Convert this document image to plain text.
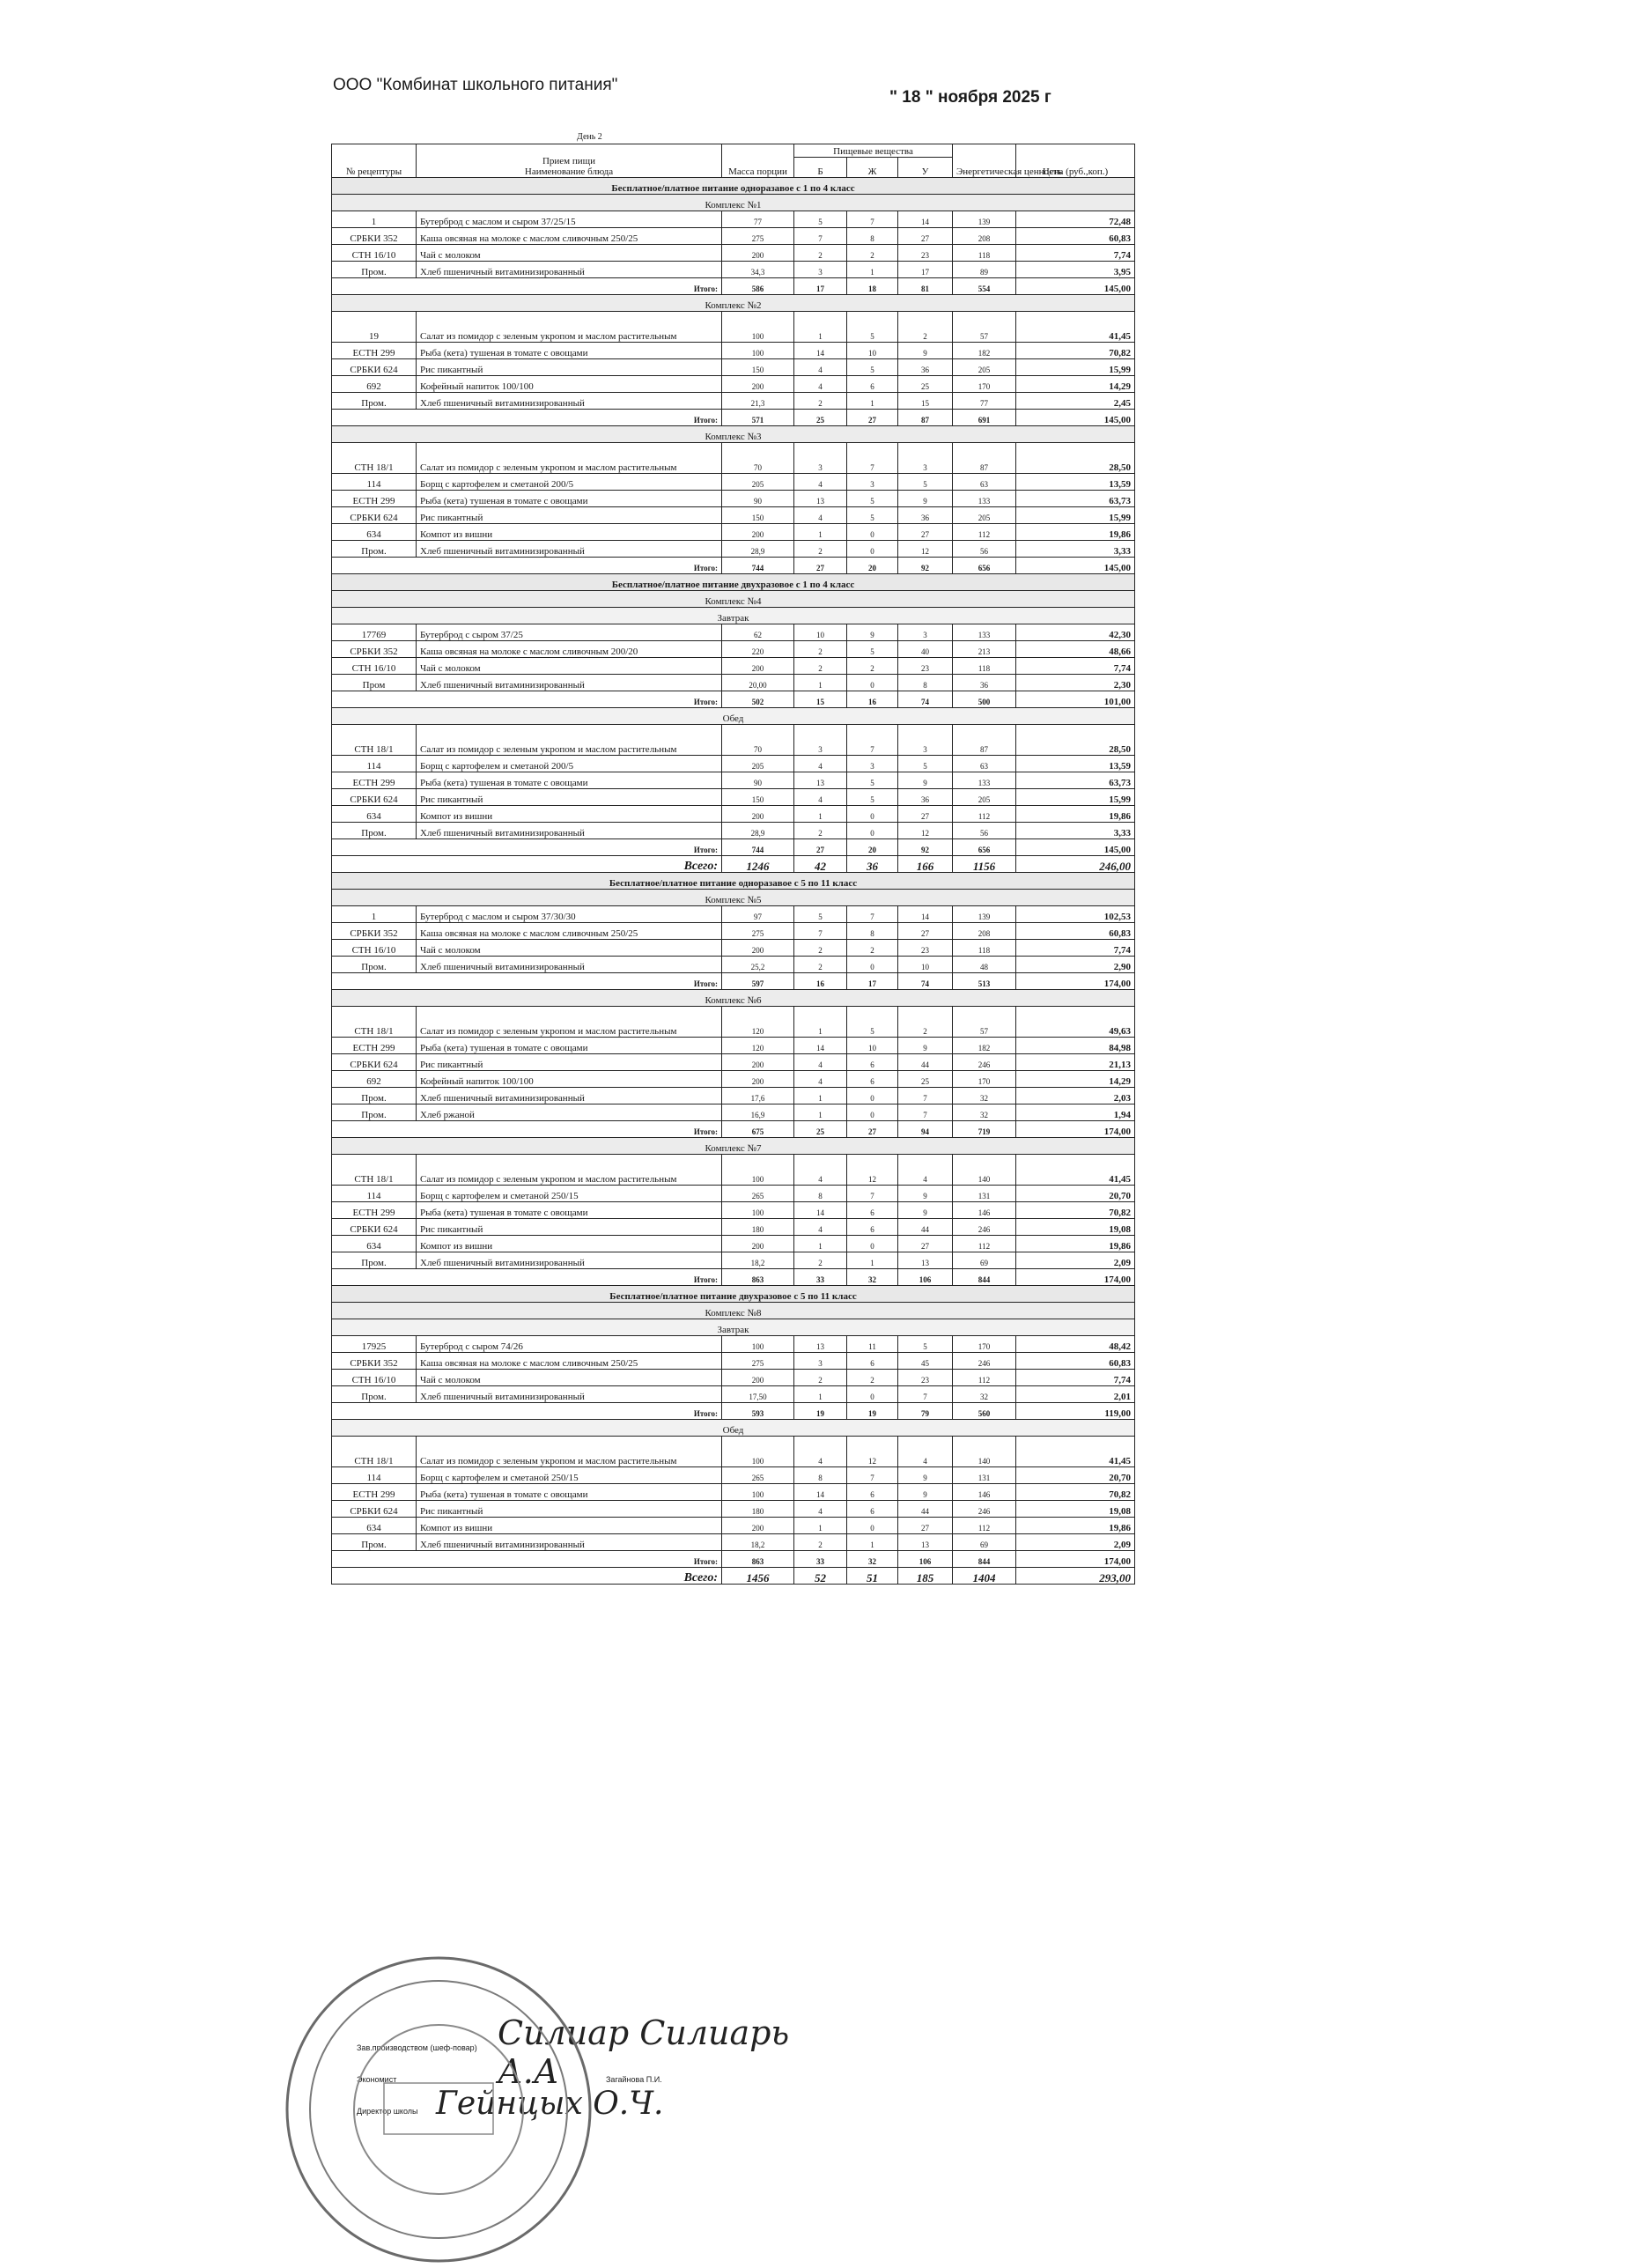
ООО "Комбинат школьного питания"
" 18 " ноября 2025 г
День 2
№ рецептуры	Прием пищи
Наименование блюда	Масса порции	Пищевые вещества			Энергетическая ценность	Цена (руб.,коп.)
			Б	Ж	У		
Бесплатное/платное питание одноразавое с 1 по 4 класс							
Комплекс №1							
1	Бутерброд с маслом и сыром 37/25/15	77	5	7	14	139	72,48
СРБКИ 352	Каша овсяная на молоке с маслом сливочным 250/25	275	7	8	27	208	60,83
СТН 16/10	Чай с молоком	200	2	2	23	118	7,74
Пром.	Хлеб пшеничный витаминизированный	34,3	3	1	17	89	3,95
Итого:		586	17	18	81	554	145,00
Комплекс №2							
19	Салат из помидор с зеленым укропом и маслом растительным	100	1	5	2	57	41,45
ЕСТН 299	Рыба (кета) тушеная в томате с овощами	100	14	10	9	182	70,82
СРБКИ 624	Рис пикантный	150	4	5	36	205	15,99
692	Кофейный напиток 100/100	200	4	6	25	170	14,29
Пром.	Хлеб пшеничный витаминизированный	21,3	2	1	15	77	2,45
Итого:		571	25	27	87	691	145,00
Комплекс №3							
СТН 18/1	Салат из помидор с зеленым укропом и маслом растительным	70	3	7	3	87	28,50
114	Борщ с картофелем и сметаной 200/5	205	4	3	5	63	13,59
ЕСТН 299	Рыба (кета) тушеная в томате с овощами	90	13	5	9	133	63,73
СРБКИ 624	Рис пикантный	150	4	5	36	205	15,99
634	Компот из вишни	200	1	0	27	112	19,86
Пром.	Хлеб пшеничный витаминизированный	28,9	2	0	12	56	3,33
Итого:		744	27	20	92	656	145,00
Бесплатное/платное питание двухразовое с 1 по 4 класс							
Комплекс №4							
Завтрак							
17769	Бутерброд с сыром 37/25	62	10	9	3	133	42,30
СРБКИ 352	Каша овсяная на молоке с маслом сливочным 200/20	220	2	5	40	213	48,66
СТН 16/10	Чай с молоком	200	2	2	23	118	7,74
Пром	Хлеб пшеничный витаминизированный	20,00	1	0	8	36	2,30
Итого:		502	15	16	74	500	101,00
Обед							
СТН 18/1	Салат из помидор с зеленым укропом и маслом растительным	70	3	7	3	87	28,50
114	Борщ с картофелем и сметаной 200/5	205	4	3	5	63	13,59
ЕСТН 299	Рыба (кета) тушеная в томате с овощами	90	13	5	9	133	63,73
СРБКИ 624	Рис пикантный	150	4	5	36	205	15,99
634	Компот из вишни	200	1	0	27	112	19,86
Пром.	Хлеб пшеничный витаминизированный	28,9	2	0	12	56	3,33
Итого:		744	27	20	92	656	145,00
Всего:		1246	42	36	166	1156	246,00
Бесплатное/платное питание одноразавое с 5 по 11 класс							
Комплекс №5							
1	Бутерброд с маслом и сыром 37/30/30	97	5	7	14	139	102,53
СРБКИ 352	Каша овсяная на молоке с маслом сливочным 250/25	275	7	8	27	208	60,83
СТН 16/10	Чай с молоком	200	2	2	23	118	7,74
Пром.	Хлеб пшеничный витаминизированный	25,2	2	0	10	48	2,90
Итого:		597	16	17	74	513	174,00
Комплекс №6							
СТН 18/1	Салат из помидор с зеленым укропом и маслом растительным	120	1	5	2	57	49,63
ЕСТН 299	Рыба (кета) тушеная в томате с овощами	120	14	10	9	182	84,98
СРБКИ 624	Рис пикантный	200	4	6	44	246	21,13
692	Кофейный напиток 100/100	200	4	6	25	170	14,29
Пром.	Хлеб пшеничный витаминизированный	17,6	1	0	7	32	2,03
Пром.	Хлеб ржаной	16,9	1	0	7	32	1,94
Итого:		675	25	27	94	719	174,00
Комплекс №7							
СТН 18/1	Салат из помидор с зеленым укропом и маслом растительным	100	4	12	4	140	41,45
114	Борщ с картофелем и сметаной 250/15	265	8	7	9	131	20,70
ЕСТН 299	Рыба (кета) тушеная в томате с овощами	100	14	6	9	146	70,82
СРБКИ 624	Рис пикантный	180	4	6	44	246	19,08
634	Компот из вишни	200	1	0	27	112	19,86
Пром.	Хлеб пшеничный витаминизированный	18,2	2	1	13	69	2,09
Итого:		863	33	32	106	844	174,00
Бесплатное/платное питание двухразовое с 5 по 11 класс							
Комплекс №8							
Завтрак							
17925	Бутерброд с сыром 74/26	100	13	11	5	170	48,42
СРБКИ 352	Каша овсяная на молоке с маслом сливочным 250/25	275	3	6	45	246	60,83
СТН 16/10	Чай с молоком	200	2	2	23	112	7,74
Пром.	Хлеб пшеничный витаминизированный	17,50	1	0	7	32	2,01
Итого:		593	19	19	79	560	119,00
Обед							
СТН 18/1	Салат из помидор с зеленым укропом и маслом растительным	100	4	12	4	140	41,45
114	Борщ с картофелем и сметаной 250/15	265	8	7	9	131	20,70
ЕСТН 299	Рыба (кета) тушеная в томате с овощами	100	14	6	9	146	70,82
СРБКИ 624	Рис пикантный	180	4	6	44	246	19,08
634	Компот из вишни	200	1	0	27	112	19,86
Пром.	Хлеб пшеничный витаминизированный	18,2	2	1	13	69	2,09
Итого:		863	33	32	106	844	174,00
Всего:		1456	52	51	185	1404	293,00
Зав.производством (шеф-повар) Силиар Силиарь А.А
Экономист	Загайнова П.И.
Директор школы Гейнцых О.Ч.
